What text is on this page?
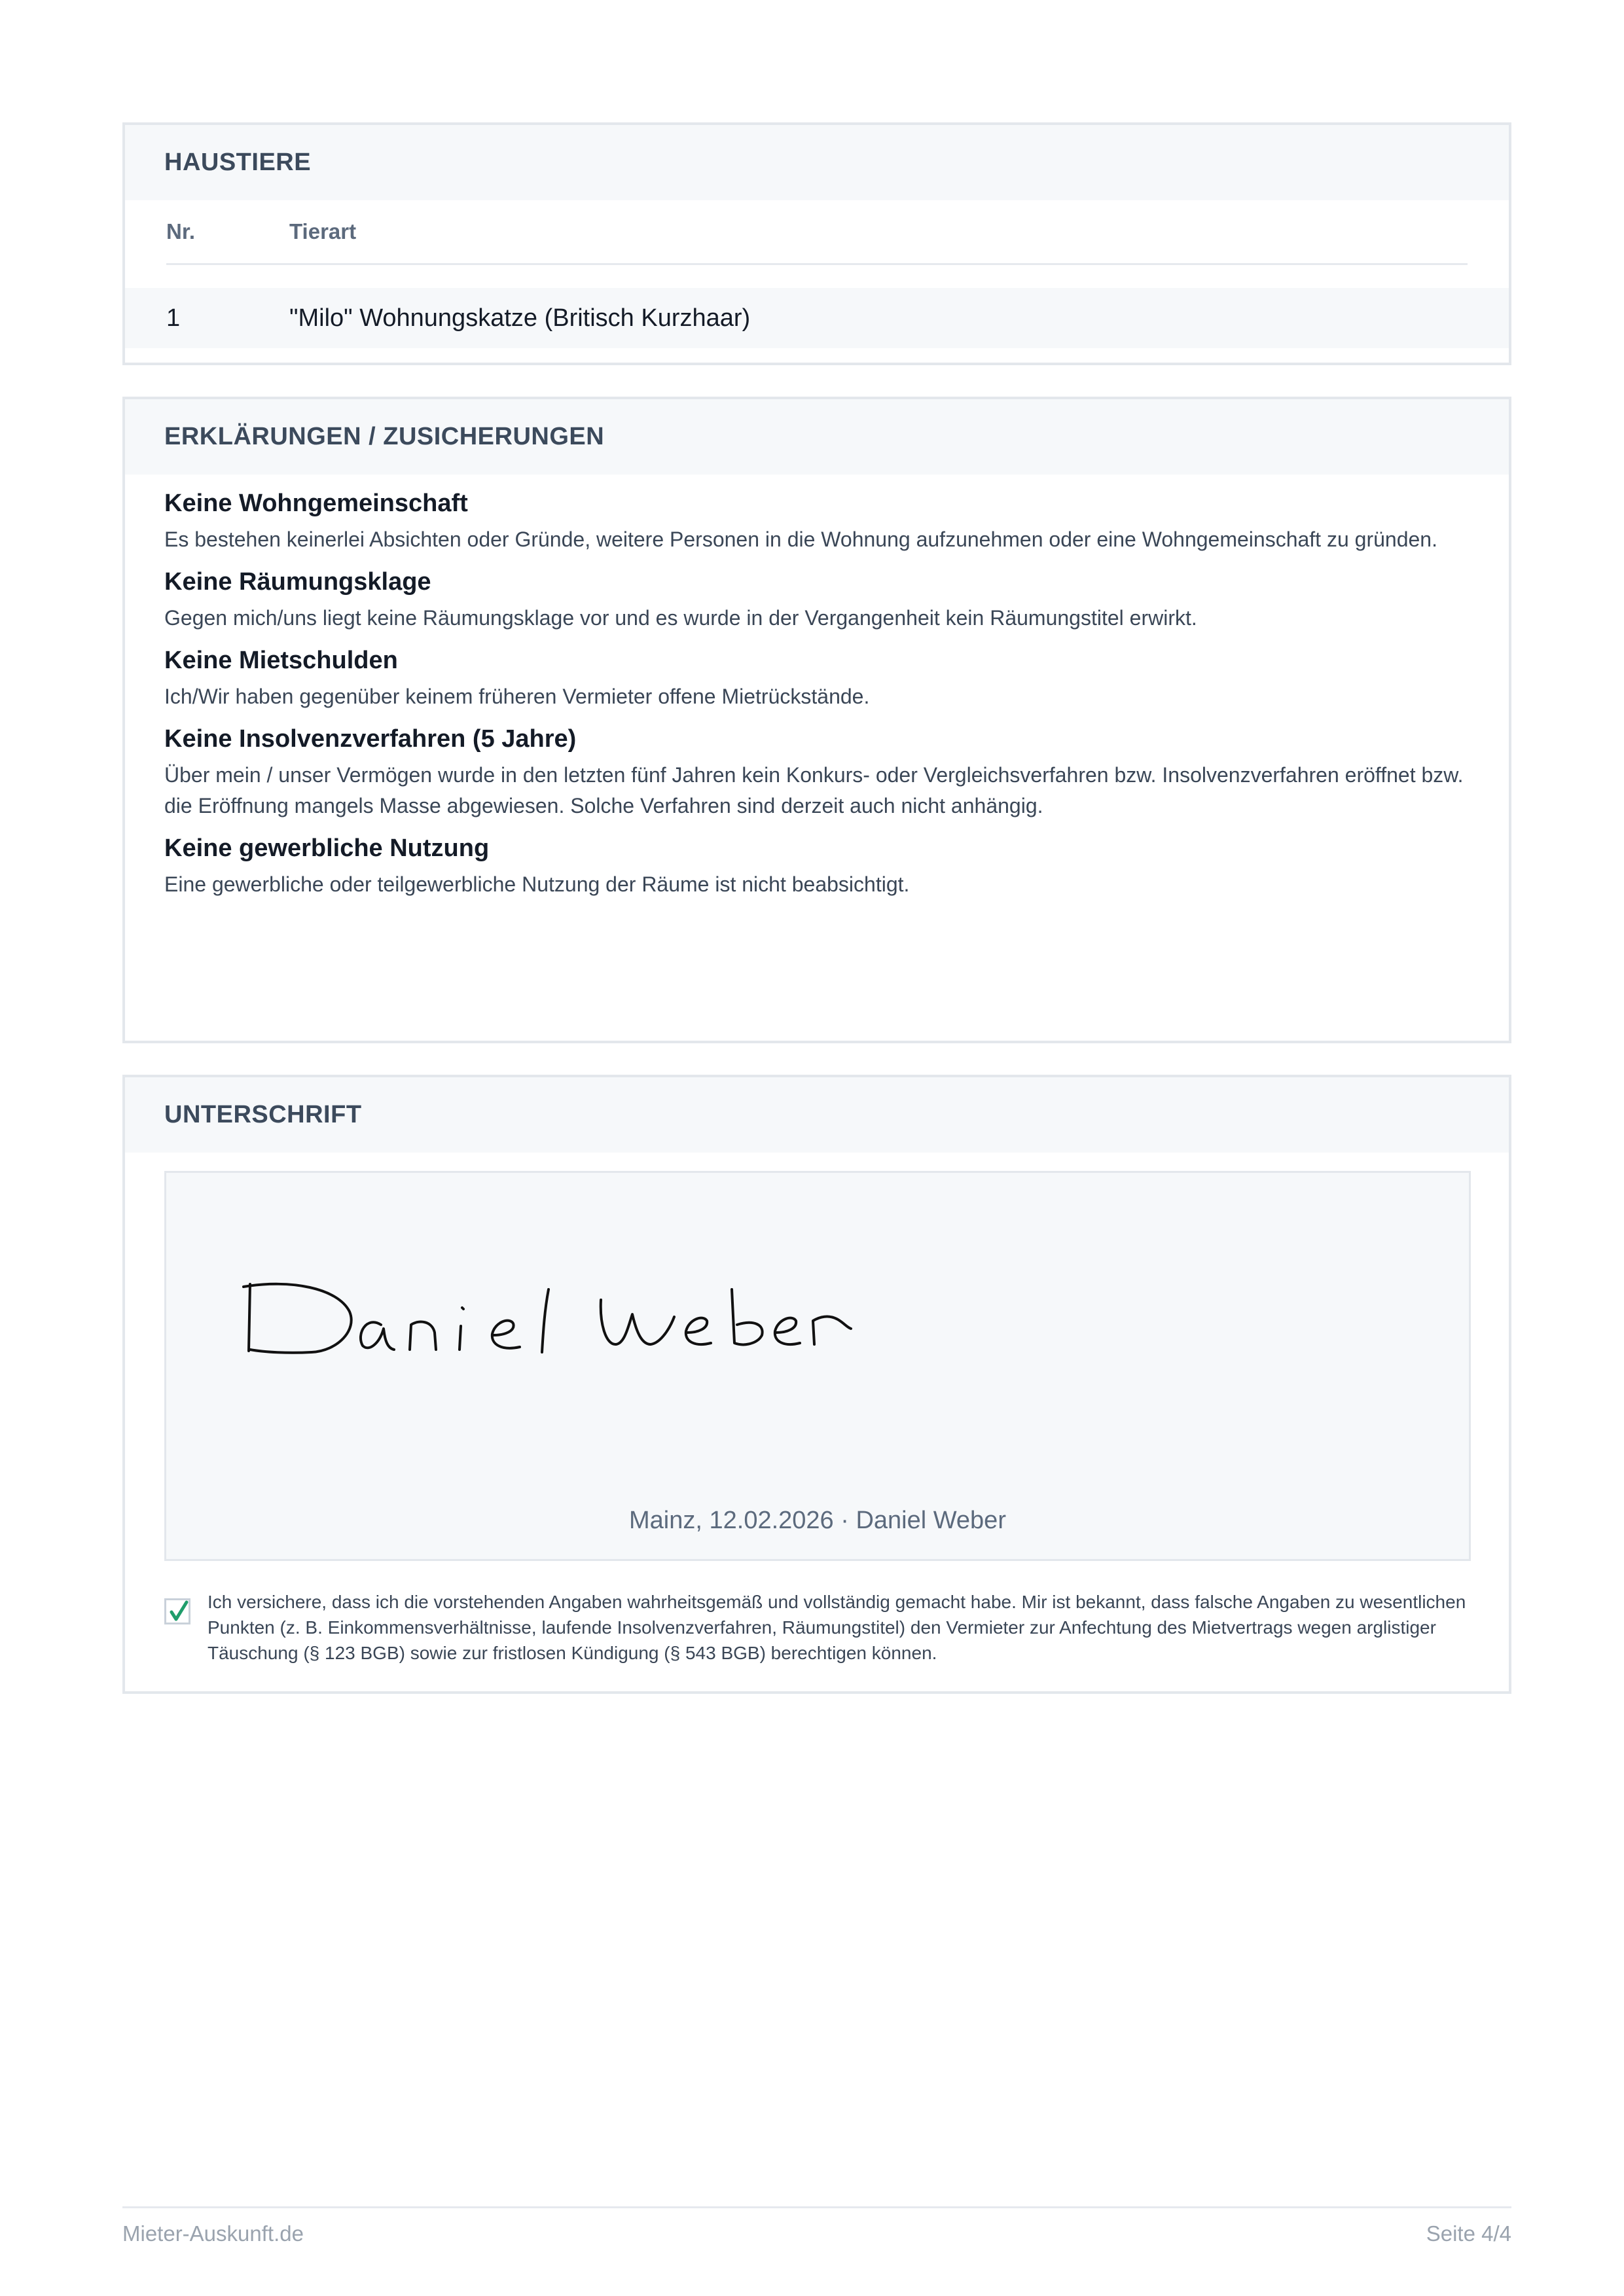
HAUSTIERE
Nr.	Tierart
1	"Milo" Wohnungskatze (Britisch Kurzhaar)
ERKLÄRUNGEN / ZUSICHERUNGEN
Keine Wohngemeinschaft
Es bestehen keinerlei Absichten oder Gründe, weitere Personen in die Wohnung aufzunehmen oder eine Wohngemeinschaft zu gründen.
Keine Räumungsklage
Gegen mich/uns liegt keine Räumungsklage vor und es wurde in der Vergangenheit kein Räumungstitel erwirkt.
Keine Mietschulden
Ich/Wir haben gegenüber keinem früheren Vermieter offene Mietrückstände.
Keine Insolvenzverfahren (5 Jahre)
Über mein / unser Vermögen wurde in den letzten fünf Jahren kein Konkurs- oder Vergleichsverfahren bzw. Insolvenzverfahren eröffnet bzw. die Eröffnung mangels Masse abgewiesen. Solche Verfahren sind derzeit auch nicht anhängig.
Keine gewerbliche Nutzung
Eine gewerbliche oder teilgewerbliche Nutzung der Räume ist nicht beabsichtigt.
UNTERSCHRIFT
Mainz, 12.02.2026 · Daniel Weber
Ich versichere, dass ich die vorstehenden Angaben wahrheitsgemäß und vollständig gemacht habe. Mir ist bekannt, dass falsche Angaben zu wesentlichen Punkten (z. B. Einkommensverhältnisse, laufende Insolvenzverfahren, Räumungstitel) den Vermieter zur Anfechtung des Mietvertrags wegen arglistiger Täuschung (§ 123 BGB) sowie zur fristlosen Kündigung (§ 543 BGB) berechtigen können.
Mieter-Auskunft.de	Seite 4/4
